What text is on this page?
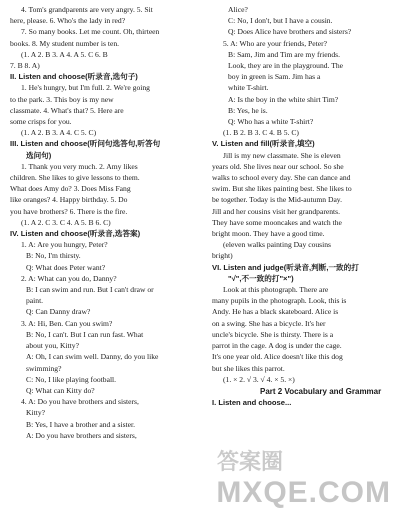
4. Tom's grandparents are very angry. 5. Sit
here, please. 6. Who's the lady in red?
7. So many books. Let me count. Oh, thirteen
books. 8. My student number is ten.
(1. A 2. B 3. A 4. A 5. C 6. B
7. B 8. A)
II. Listen and choose(听录音,选句子)
1. He's hungry, but I'm full. 2. We're going
to the park. 3. This boy is my new
classmate. 4. What's that? 5. Here are
some crisps for you.
(1. A 2. B 3. A 4. C 5. C)
III. Listen and choose(听问句选答句,听答句
选问句)
1. Thank you very much. 2. Amy likes
children. She likes to give lessons to them.
What does Amy do? 3. Does Miss Fang
like oranges? 4. Happy birthday. 5. Do
you have brothers? 6. There is the fire.
(1. A 2. C 3. C 4. A 5. B 6. C)
IV. Listen and choose(听录音,选答案)
1. A: Are you hungry, Peter?
B: No, I'm thirsty.
Q: What does Peter want?
2. A: What can you do, Danny?
B: I can swim and run. But I can't draw or
paint.
Q: Can Danny draw?
3. A: Hi, Ben. Can you swim?
B: No, I can't. But I can run fast. What
about you, Kitty?
A: Oh, I can swim well. Danny, do you like
swimming?
C: No, I like playing football.
Q: What can Kitty do?
4. A: Do you have brothers and sisters,
Kitty?
B: Yes, I have a brother and a sister.
A: Do you have brothers and sisters,
Alice?
C: No, I don't, but I have a cousin.
Q: Does Alice have brothers and sisters?
5. A: Who are your friends, Peter?
B: Sam, Jim and Tim are my friends.
Look, they are in the playground. The
boy in green is Sam. Jim has a
white T-shirt.
A: Is the boy in the white shirt Tim?
B: Yes, he is.
Q: Who has a white T-shirt?
(1. B 2. B 3. C 4. B 5. C)
V. Listen and fill(听录音,填空)
Jill is my new classmate. She is eleven
years old. She lives near our school. So she
walks to school every day. She can dance and
swim. But she likes painting best. She likes to
be together. Today is the Mid-autumn Day.
Jill and her cousins visit her grandparents.
They have some mooncakes and watch the
bright moon. They have a good time.
(eleven walks painting Day cousins
bright)
VI. Listen and judge(听录音,判断,一致的打
"√",不一致的打"×")
Look at this photograph. There are
many pupils in the photograph. Look, this is
Andy. He has a black skateboard. Alice is
on a swing. She has a bicycle. It's her
uncle's bicycle. She is thirsty. There is a
parrot in the cage. A dog is under the cage.
It's one year old. Alice doesn't like this dog
but she likes this parrot.
(1. × 2. √ 3. √ 4. × 5. ×)
Part 2 Vocabulary and Grammar
I. Listen and choose...
答案圈
MXQE.COM
